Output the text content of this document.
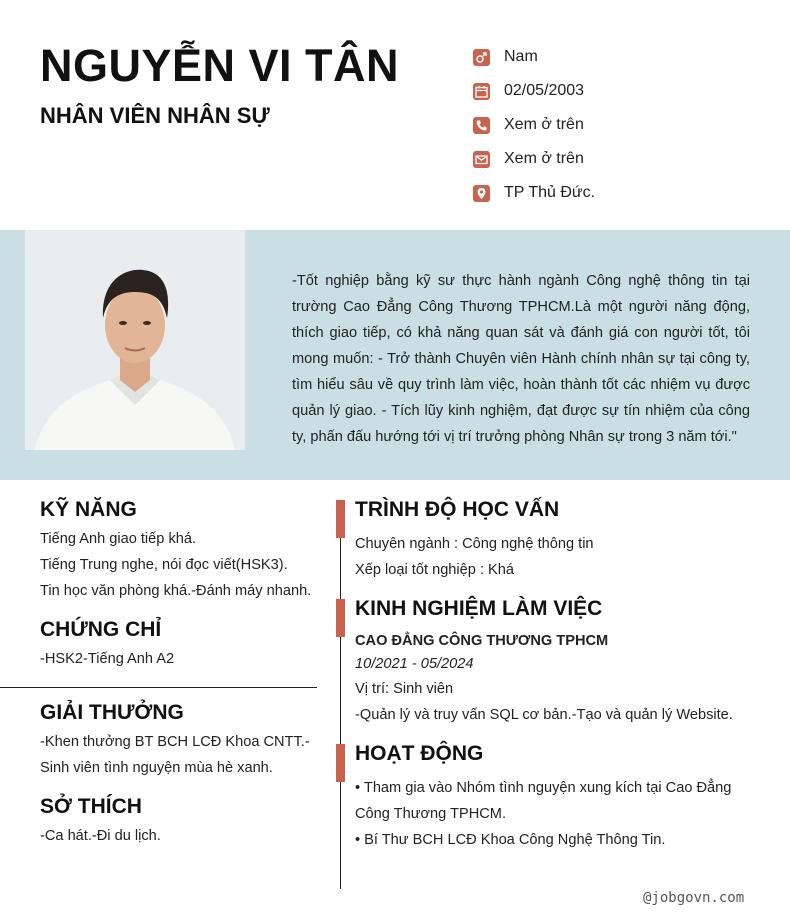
NGUYỄN VI TÂN
NHÂN VIÊN NHÂN SỰ
Nam
02/05/2003
Xem ở trên
Xem ở trên
TP Thủ Đức.
-Tốt nghiệp bằng kỹ sư thực hành ngành Công nghệ thông tin tại trường Cao Đẳng Công Thương TPHCM.Là một người năng động, thích giao tiếp, có khả năng quan sát và đánh giá con người tốt, tôi mong muốn: - Trở thành Chuyên viên Hành chính nhân sự tại công ty, tìm hiểu sâu về quy trình làm việc, hoàn thành tốt các nhiệm vụ được quản lý giao. - Tích lũy kinh nghiệm, đạt được sự tín nhiệm của công ty, phấn đấu hướng tới vị trí trưởng phòng Nhân sự trong 3 năm tới."
KỸ NĂNG
Tiếng Anh giao tiếp khá.
Tiếng Trung nghe, nói đọc viết(HSK3).
Tin học văn phòng khá.-Đánh máy nhanh.
CHỨNG CHỈ
-HSK2-Tiếng Anh A2
GIẢI THƯỞNG
-Khen thưởng BT BCH LCĐ Khoa CNTT.-
Sinh viên tình nguyện mùa hè xanh.
SỞ THÍCH
-Ca hát.-Đi du lịch.
TRÌNH ĐỘ HỌC VẤN
Chuyên ngành : Công nghệ thông tin
Xếp loại tốt nghiệp : Khá
KINH NGHIỆM LÀM VIỆC
CAO ĐẲNG CÔNG THƯƠNG TPHCM
10/2021 - 05/2024
Vị trí: Sinh viên
-Quản lý và truy vấn SQL cơ bản.-Tạo và quản lý Website.
HOẠT ĐỘNG
• Tham gia vào Nhóm tình nguyện xung kích tại Cao Đẳng
Công Thương TPHCM.
• Bí Thư BCH LCĐ Khoa Công Nghệ Thông Tin.
@jobgovn.com
